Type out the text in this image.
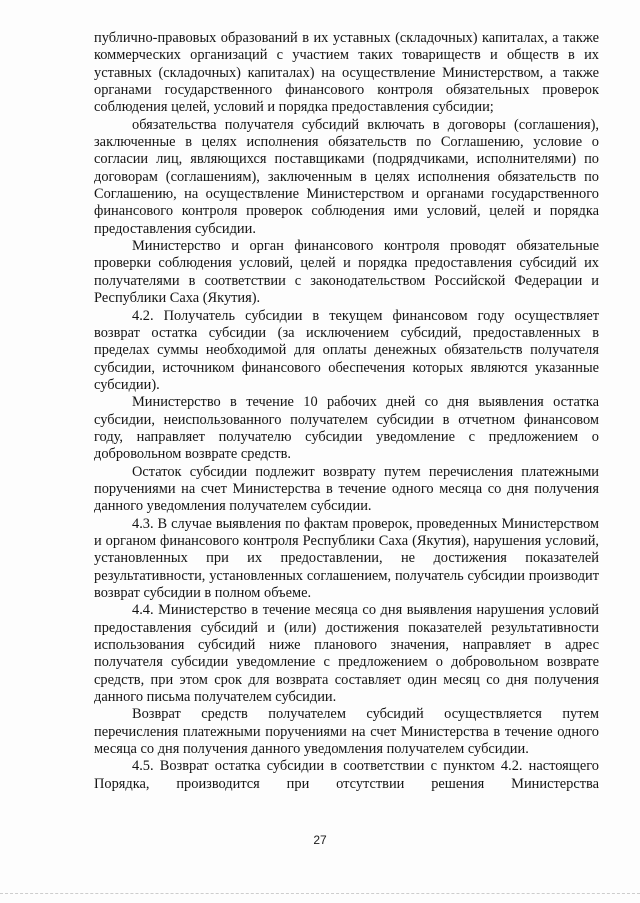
публично-правовых образований в их уставных (складочных) капиталах, а также коммерческих организаций с участием таких товариществ и обществ в их уставных (складочных) капиталах) на осуществление Министерством, а также органами государственного финансового контроля обязательных проверок соблюдения целей, условий и порядка предоставления субсидии;

обязательства получателя субсидий включать в договоры (соглашения), заключенные в целях исполнения обязательств по Соглашению, условие о согласии лиц, являющихся поставщиками (подрядчиками, исполнителями) по договорам (соглашениям), заключенным в целях исполнения обязательств по Соглашению, на осуществление Министерством и органами государственного финансового контроля проверок соблюдения ими условий, целей и порядка предоставления субсидии.

Министерство и орган финансового контроля проводят обязательные проверки соблюдения условий, целей и порядка предоставления субсидий их получателями в соответствии с законодательством Российской Федерации и Республики Саха (Якутия).

4.2. Получатель субсидии в текущем финансовом году осуществляет возврат остатка субсидии (за исключением субсидий, предоставленных в пределах суммы необходимой для оплаты денежных обязательств получателя субсидии, источником финансового обеспечения которых являются указанные субсидии).

Министерство в течение 10 рабочих дней со дня выявления остатка субсидии, неиспользованного получателем субсидии в отчетном финансовом году, направляет получателю субсидии уведомление с предложением о добровольном возврате средств.

Остаток субсидии подлежит возврату путем перечисления платежными поручениями на счет Министерства в течение одного месяца со дня получения данного уведомления получателем субсидии.

4.3. В случае выявления по фактам проверок, проведенных Министерством и органом финансового контроля Республики Саха (Якутия), нарушения условий, установленных при их предоставлении, не достижения показателей результативности, установленных соглашением, получатель субсидии производит возврат субсидии в полном объеме.

4.4. Министерство в течение месяца со дня выявления нарушения условий предоставления субсидий и (или) достижения показателей результативности использования субсидий ниже планового значения, направляет в адрес получателя субсидии уведомление с предложением о добровольном возврате средств, при этом срок для возврата составляет один месяц со дня получения данного письма получателем субсидии.

Возврат средств получателем субсидий осуществляется путем перечисления платежными поручениями на счет Министерства в течение одного месяца со дня получения данного уведомления получателем субсидии.

4.5. Возврат остатка субсидии в соответствии с пунктом 4.2. настоящего Порядка, производится при отсутствии решения Министерства

27
